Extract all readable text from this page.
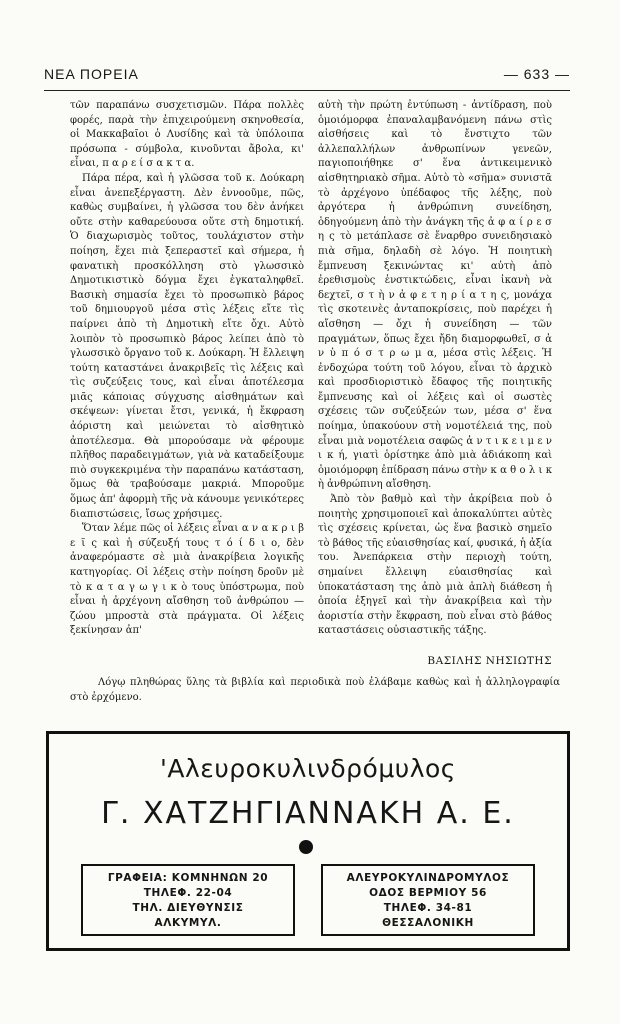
ΝΕΑ ΠΟΡΕΙΑ	— 633 —

τῶν παραπάνω συσχετισμῶν. Πάρα πολλὲς φορές, παρὰ τὴν ἐπιχειρούμενη σκηνοθεσία, οἱ Μακκαβαῖοι ὁ Λυσίδης καὶ τὰ ὑπόλοιπα πρόσωπα - σύμβολα, κινοῦνται ἄβολα, κι' εἶναι, π α ρ ε ί σ α κ τ α.

Πάρα πέρα, καὶ ἡ γλῶσσα τοῦ κ. Δούκαρη εἶναι ἀνεπεξέργαστη. Δὲν ἐννοοῦμε, πῶς, καθὼς συμβαίνει, ἡ γλῶσσα του δὲν ἀνήκει οὔτε στὴν καθαρεύουσα οὔτε στὴ δημοτική. Ὁ διαχωρισμὸς τοῦτος, τουλάχιστον στὴν ποίηση, ἔχει πιὰ ξεπεραστεῖ καὶ σήμερα, ἡ φανατικὴ προσκόλληση στὸ γλωσσικὸ Δημοτικιστικὸ δόγμα ἔχει ἐγκαταληφθεῖ. Βασικὴ σημασία ἔχει τὸ προσωπικὸ βάρος τοῦ δημιουργοῦ μέσα στὶς λέξεις εἴτε τὶς παίρνει ἀπὸ τὴ Δημοτικὴ εἴτε ὄχι. Αὐτὸ λοιπὸν τὸ προσωπικὸ βάρος λείπει ἀπὸ τὸ γλωσσικὸ ὄργανο τοῦ κ. Δούκαρη. Ἡ ἔλλειψη τούτη καταστάνει ἀνακριβεῖς τὶς λέξεις καὶ τὶς συζεύξεις τους, καὶ εἶναι ἀποτέλεσμα μιᾶς κάποιας σύγχυσης αἰσθημάτων καὶ σκέψεων: γίνεται ἔτσι, γενικά, ἡ ἔκφραση ἀόριστη καὶ μειώνεται τὸ αἰσθητικὸ ἀποτέλεσμα. Θὰ μπορούσαμε νὰ φέρουμε πλῆθος παραδειγμάτων, γιὰ νὰ καταδείξουμε πιὸ συγκεκριμένα τὴν παραπάνω κατάσταση, ὅμως θὰ τραβούσαμε μακριά. Μποροῦμε ὅμως ἀπ' ἀφορμὴ τῆς νὰ κάνουμε γενικότερες διαπιστώσεις, ἴσως χρήσιμες.

Ὅταν λέμε πῶς οἱ λέξεις εἶναι α ν α κ ρ ι β ε ῖ ς καὶ ἡ σύζευξή τους τ ό ί δ ι ο, δὲν ἀναφερόμαστε σὲ μιὰ ἀνακρίβεια λογικῆς κατηγορίας. Οἱ λέξεις στὴν ποίηση δροῦν μὲ τὸ κ α τ α γ ω γ ι κ ὸ τους ὑπόστρωμα, ποὺ εἶναι ἡ ἀρχέγονη αἴσθηση τοῦ ἀνθρώπου — ζώου μπροστὰ στὰ πράγματα. Οἱ λέξεις ξεκίνησαν ἀπ'

αὐτὴ τὴν πρώτη ἐντύπωση - ἀντίδραση, ποὺ ὁμοιόμορφα ἐπαναλαμβανόμενη πάνω στὶς αἰσθήσεις καὶ τὸ ἔνστιχτο τῶν ἀλλεπαλλήλων ἀνθρωπίνων γενεῶν, παγιοποιήθηκε σ' ἕνα ἀντικειμενικὸ αἰσθητηριακὸ σῆμα. Αὐτὸ τὸ «σῆμα» συνιστᾶ τὸ ἀρχέγονο ὑπέδαφος τῆς λέξης, ποὺ ἀργότερα ἡ ἀνθρώπινη συνείδηση, ὁδηγούμενη ἀπὸ τὴν ἀνάγκη τῆς ἀ φ α ί ρ ε σ η ς τὸ μετάπλασε σὲ ἔναρθρο συνειδησιακὸ πιὰ σῆμα, δηλαδὴ σὲ λόγο. Ἡ ποιητικὴ ἔμπνευση ξεκινώντας κι' αὐτὴ ἀπὸ ἐρεθισμοὺς ἐνστικτώδεις, εἶναι ἱκανὴ νὰ δεχτεῖ, σ τ ὴ ν ἀ φ ε τ η ρ ί α τ η ς, μονάχα τὶς σκοτεινὲς ἀνταποκρίσεις, ποὺ παρέχει ἡ αἴσθηση — ὄχι ἡ συνείδηση — τῶν πραγμάτων, ὅπως ἔχει ἤδη διαμορφωθεῖ, σ ἀ ν ὑ π ό σ τ ρ ω μ α, μέσα στὶς λέξεις. Ἡ ἐνδοχώρα τούτη τοῦ λόγου, εἶναι τὸ ἀρχικὸ καὶ προσδιοριστικὸ ἔδαφος τῆς ποιητικῆς ἔμπνευσης καὶ οἱ λέξεις καὶ οἱ σωστὲς σχέσεις τῶν συζεύξεών των, μέσα σ' ἕνα ποίημα, ὑπακούουν στὴ νομοτέλειά της, ποὺ εἶναι μιὰ νομοτέλεια σαφῶς ἀ ν τ ι κ ε ι μ ε ν ι κ ή, γιατὶ ὁρίστηκε ἀπὸ μιὰ ἀδιάκοπη καὶ ὁμοιόμορφη ἐπίδραση πάνω στὴν κ α θ ο λ ι κ ὴ ἀνθρώπινη αἴσθηση.

Ἀπὸ τὸν βαθμὸ καὶ τὴν ἀκρίβεια ποὺ ὁ ποιητὴς χρησιμοποιεῖ καὶ ἀποκαλύπτει αὐτὲς τὶς σχέσεις κρίνεται, ὡς ἕνα βασικὸ σημεῖο τὸ βάθος τῆς εὐαισθησίας καί, φυσικά, ἡ ἀξία του. Ἀνεπάρκεια στὴν περιοχὴ τούτη, σημαίνει ἔλλειψη εὐαισθησίας καὶ ὑποκατάσταση της ἀπὸ μιὰ ἁπλὴ διάθεση ἡ ὁποία ἐξηγεῖ καὶ τὴν ἀνακρίβεια καὶ τὴν ἀοριστία στὴν ἔκφραση, ποὺ εἶναι στὸ βάθος καταστάσεις οὐσιαστικῆς τάξης.

ΒΑΣΙΛΗΣ ΝΗΣΙΩΤΗΣ
Λόγῳ πληθώρας ὕλης τὰ βιβλία καὶ περιοδικὰ ποὺ ἐλάβαμε καθὼς καὶ ἡ ἀλληλογραφία στὸ ἐρχόμενο.
'Αλευροκυλινδρόμυλος
Γ. ΧΑΤΖΗΓΙΑΝΝΑΚΗ Α. Ε.
ΓΡΑΦΕΙΑ: ΚΟΜΝΗΝΩΝ 20
ΤΗΛΕΦ. 22-04
ΤΗΛ. ΔΙΕΥΘΥΝΣΙΣ
ΑΛΚΥΜΥΛ.
ΑΛΕΥΡΟΚΥΛΙΝΔΡΟΜΥΛΟΣ
ΟΔΟΣ ΒΕΡΜΙΟΥ 56
ΤΗΛΕΦ. 34-81
ΘΕΣΣΑΛΟΝΙΚΗ
